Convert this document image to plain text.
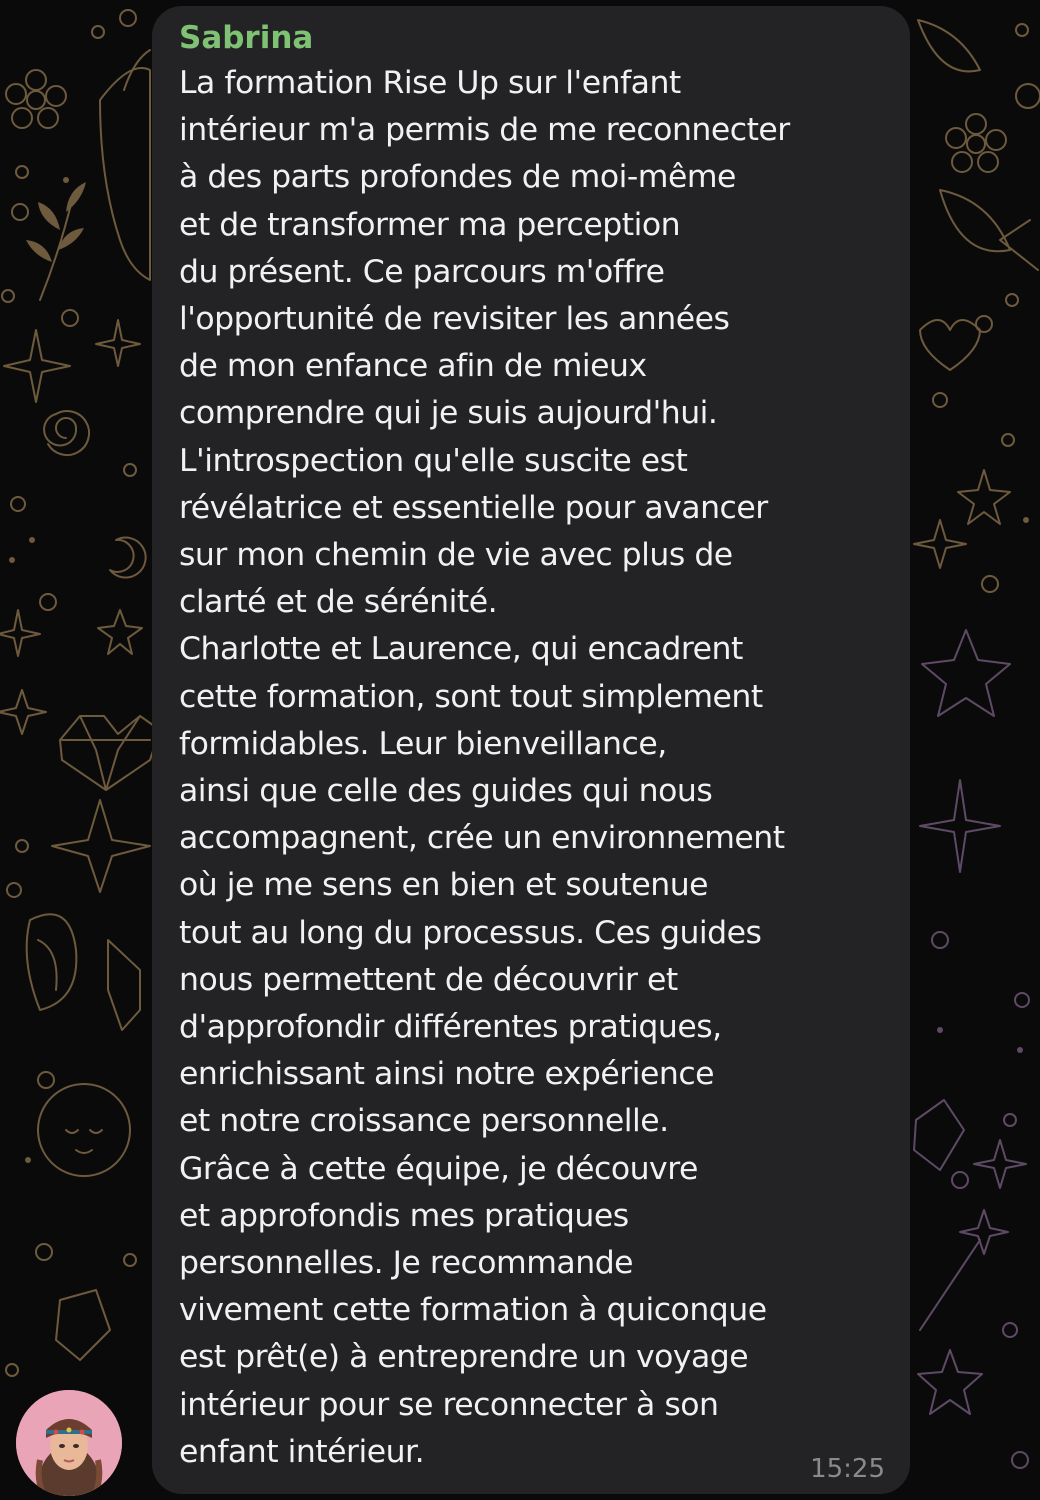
Sabrina
La formation Rise Up sur l'enfant
intérieur m'a permis de me reconnecter
à des parts profondes de moi-même
et de transformer ma perception
du présent. Ce parcours m'offre
l'opportunité de revisiter les années
de mon enfance afin de mieux
comprendre qui je suis aujourd'hui.
L'introspection qu'elle suscite est
révélatrice et essentielle pour avancer
sur mon chemin de vie avec plus de
clarté et de sérénité.
Charlotte et Laurence, qui encadrent
cette formation, sont tout simplement
formidables. Leur bienveillance,
ainsi que celle des guides qui nous
accompagnent, crée un environnement
où je me sens en bien et soutenue
tout au long du processus. Ces guides
nous permettent de découvrir et
d'approfondir différentes pratiques,
enrichissant ainsi notre expérience
et notre croissance personnelle.
Grâce à cette équipe, je découvre
et approfondis mes pratiques
personnelles. Je recommande
vivement cette formation à quiconque
est prêt(e) à entreprendre un voyage
intérieur pour se reconnecter à son
enfant intérieur.	15:25
